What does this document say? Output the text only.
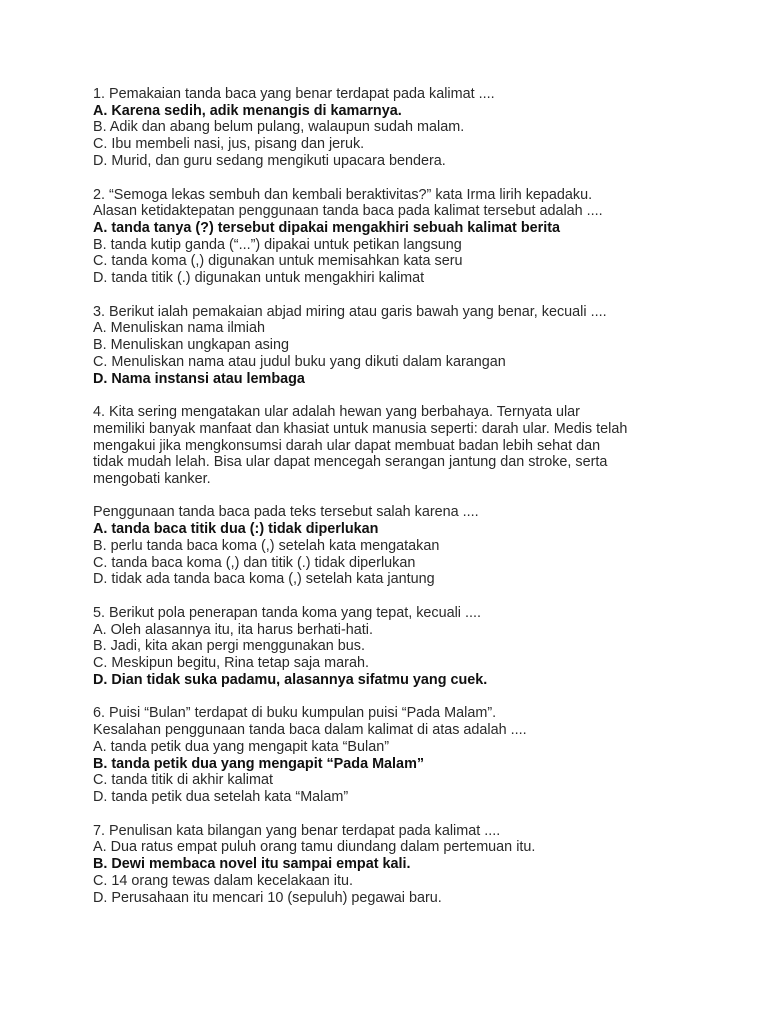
1. Pemakaian tanda baca yang benar terdapat pada kalimat ....
A. Karena sedih, adik menangis di kamarnya.
B. Adik dan abang belum pulang, walaupun sudah malam.
C. Ibu membeli nasi, jus, pisang dan jeruk.
D. Murid, dan guru sedang mengikuti upacara bendera.
2. “Semoga lekas sembuh dan kembali beraktivitas?” kata Irma lirih kepadaku.
Alasan ketidaktepatan penggunaan tanda baca pada kalimat tersebut adalah ....
A. tanda tanya (?) tersebut dipakai mengakhiri sebuah kalimat berita
B. tanda kutip ganda (“...”) dipakai untuk petikan langsung
C. tanda koma (,) digunakan untuk memisahkan kata seru
D. tanda titik (.) digunakan untuk mengakhiri kalimat
3. Berikut ialah pemakaian abjad miring atau garis bawah yang benar, kecuali ....
A. Menuliskan nama ilmiah
B. Menuliskan ungkapan asing
C. Menuliskan nama atau judul buku yang dikuti dalam karangan
D. Nama instansi atau lembaga
4. Kita sering mengatakan ular adalah hewan yang berbahaya. Ternyata ular
memiliki banyak manfaat dan khasiat untuk manusia seperti: darah ular. Medis telah
mengakui jika mengkonsumsi darah ular dapat membuat badan lebih sehat dan
tidak mudah lelah. Bisa ular dapat mencegah serangan jantung dan stroke, serta
mengobati kanker.
Penggunaan tanda baca pada teks tersebut salah karena ....
A. tanda baca titik dua (:) tidak diperlukan
B. perlu tanda baca koma (,) setelah kata mengatakan
C. tanda baca koma (,) dan titik (.) tidak diperlukan
D. tidak ada tanda baca koma (,) setelah kata jantung
5. Berikut pola penerapan tanda koma yang tepat, kecuali ....
A. Oleh alasannya itu, ita harus berhati-hati.
B. Jadi, kita akan pergi menggunakan bus.
C. Meskipun begitu, Rina tetap saja marah.
D. Dian tidak suka padamu, alasannya sifatmu yang cuek.
6. Puisi “Bulan” terdapat di buku kumpulan puisi “Pada Malam”.
Kesalahan penggunaan tanda baca dalam kalimat di atas adalah ....
A. tanda petik dua yang mengapit kata “Bulan”
B. tanda petik dua yang mengapit “Pada Malam”
C. tanda titik di akhir kalimat
D. tanda petik dua setelah kata “Malam”
7. Penulisan kata bilangan yang benar terdapat pada kalimat ....
A. Dua ratus empat puluh orang tamu diundang dalam pertemuan itu.
B. Dewi membaca novel itu sampai empat kali.
C. 14 orang tewas dalam kecelakaan itu.
D. Perusahaan itu mencari 10 (sepuluh) pegawai baru.
